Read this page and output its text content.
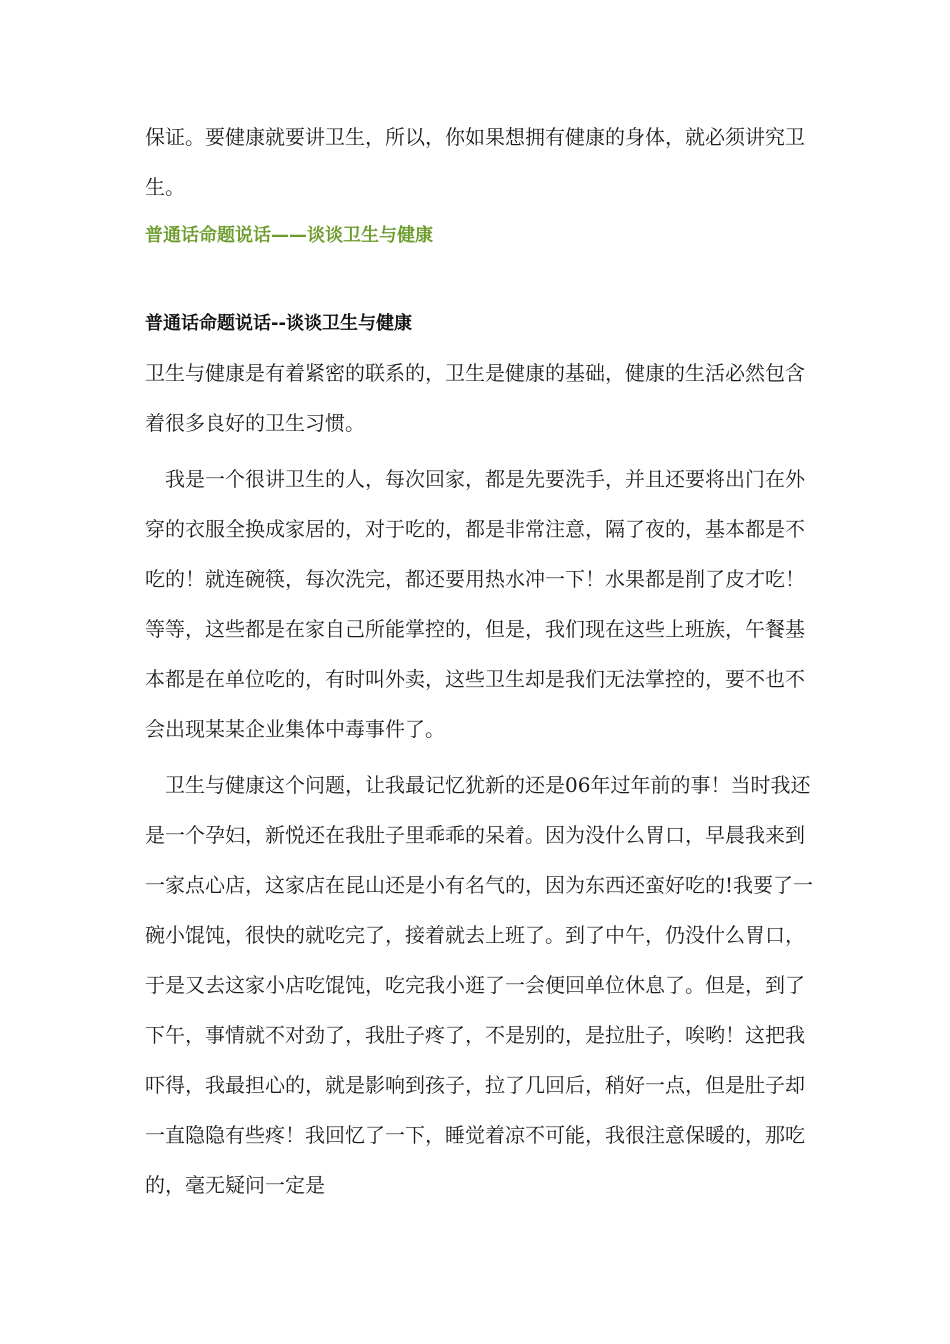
保证。要健康就要讲卫生，所以，你如果想拥有健康的身体，就必须讲究卫生。

普通话命题说话——谈谈卫生与健康
普通话命题说话--谈谈卫生与健康

卫生与健康是有着紧密的联系的，卫生是健康的基础，健康的生活必然包含着很多良好的卫生习惯。

我是一个很讲卫生的人，每次回家，都是先要洗手，并且还要将出门在外穿的衣服全换成家居的，对于吃的，都是非常注意，隔了夜的，基本都是不吃的！就连碗筷，每次洗完，都还要用热水冲一下！水果都是削了皮才吃！等等，这些都是在家自己所能掌控的，但是，我们现在这些上班族，午餐基本都是在单位吃的，有时叫外卖，这些卫生却是我们无法掌控的，要不也不会出现某某企业集体中毒事件了。

卫生与健康这个问题，让我最记忆犹新的还是06年过年前的事！当时我还是一个孕妇，新悦还在我肚子里乖乖的呆着。因为没什么胃口，早晨我来到一家点心店，这家店在昆山还是小有名气的，因为东西还蛮好吃的!我要了一碗小馄饨，很快的就吃完了，接着就去上班了。到了中午，仍没什么胃口，于是又去这家小店吃馄饨，吃完我小逛了一会便回单位休息了。但是，到了下午，事情就不对劲了，我肚子疼了，不是别的，是拉肚子，唉哟！这把我吓得，我最担心的，就是影响到孩子，拉了几回后，稍好一点，但是肚子却一直隐隐有些疼！我回忆了一下，睡觉着凉不可能，我很注意保暖的，那吃的，毫无疑问一定是
